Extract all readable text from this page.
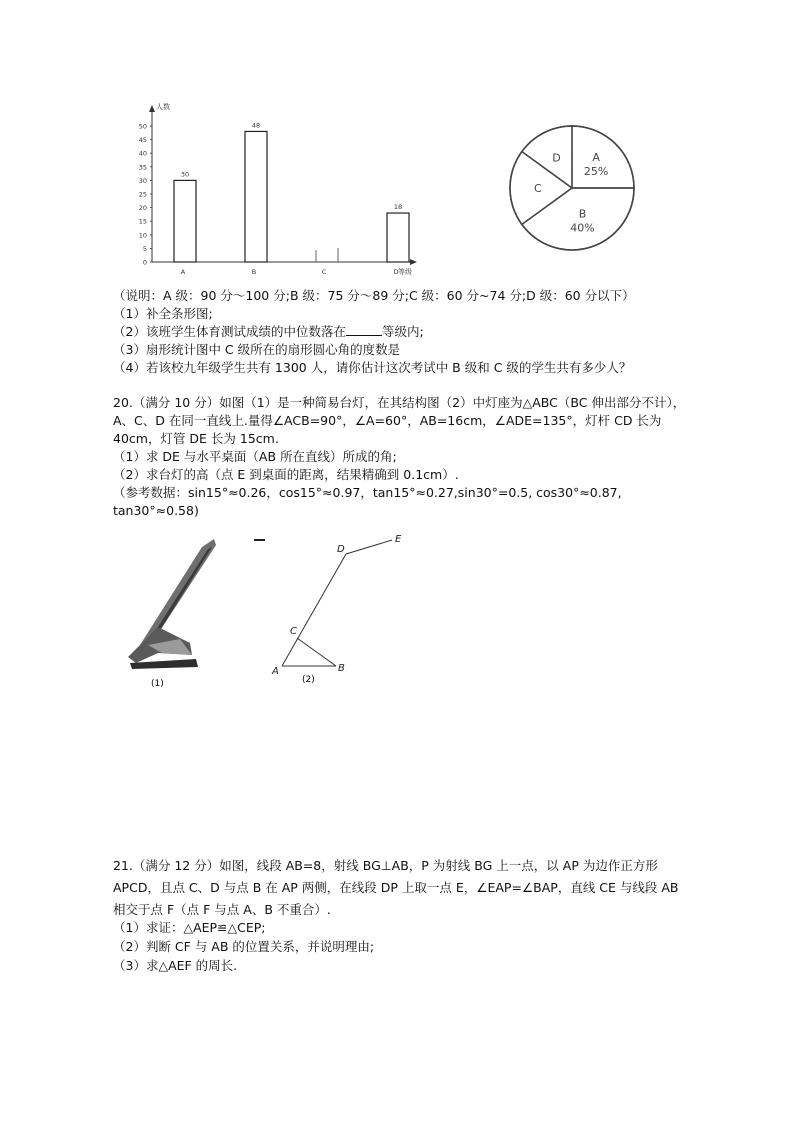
人数
等级
0
5
10
15
20
25
30
35
40
45
50
30
A
48
B	C
18
D
A
25%
B
40%
C
D
（说明：A 级：90 分～100 分;B 级：75 分～89 分;C 级：60 分~74 分;D 级：60 分以下）
（1）补全条形图;
（2）该班学生体育测试成绩的中位数落在	等级内;
（3）扇形统计图中 C 级所在的扇形圆心角的度数是
（4）若该校九年级学生共有 1300 人，请你估计这次考试中 B 级和 C 级的学生共有多少人？
20.（满分 10 分）如图（1）是一种简易台灯，在其结构图（2）中灯座为△ABC（BC 伸出部分不计），A、C、D 在同一直线上.量得∠ACB=90°，∠A=60°，AB=16cm，∠ADE=135°，灯杆 CD 长为 40cm，灯管 DE 长为 15cm.
（1）求 DE 与水平桌面（AB 所在直线）所成的角;
（2）求台灯的高（点 E 到桌面的距离，结果精确到 0.1cm）.
（参考数据：sin15°≈0.26，cos15°≈0.97，tan15°≈0.27,sin30°=0.5, cos30°≈0.87, tan30°≈0.58)
(1)
A	B
C
D
E
(2)
21.（满分 12 分）如图，线段 AB=8，射线 BG⊥AB，P 为射线 BG 上一点，以 AP 为边作正方形 APCD，且点 C、D 与点 B 在 AP 两侧，在线段 DP 上取一点 E，∠EAP=∠BAP，直线 CE 与线段 AB 相交于点 F（点 F 与点 A、B 不重合）.
（1）求证：△AEP≌△CEP;
（2）判断 CF 与 AB 的位置关系，并说明理由;
（3）求△AEF 的周长.
